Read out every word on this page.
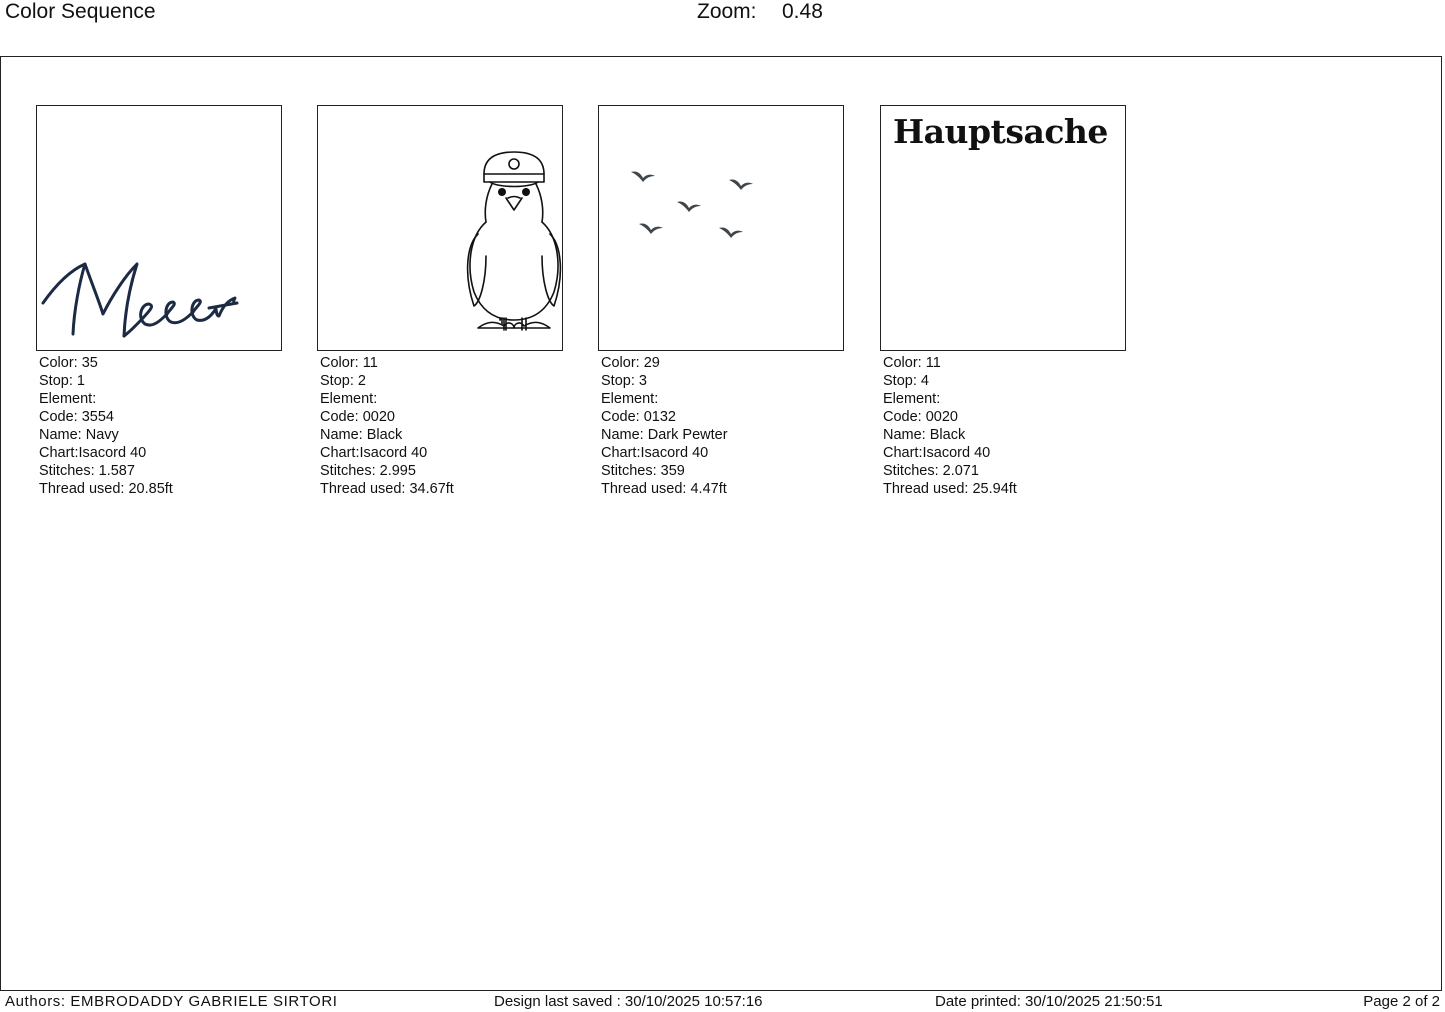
Color Sequence	Zoom: 0.48
Color: 35
Stop: 1
Element:
Code: 3554
Name: Navy
Chart:Isacord 40
Stitches: 1.587
Thread used: 20.85ft
Color: 11
Stop: 2
Element:
Code: 0020
Name: Black
Chart:Isacord 40
Stitches: 2.995
Thread used: 34.67ft
Color: 29
Stop: 3
Element:
Code: 0132
Name: Dark Pewter
Chart:Isacord 40
Stitches: 359
Thread used: 4.47ft
Hauptsache
Color: 11
Stop: 4
Element:
Code: 0020
Name: Black
Chart:Isacord 40
Stitches: 2.071
Thread used: 25.94ft
Authors: EMBRODADDY GABRIELE SIRTORI	Design last saved : 30/10/2025 10:57:16	Date printed: 30/10/2025 21:50:51	Page 2 of 2
